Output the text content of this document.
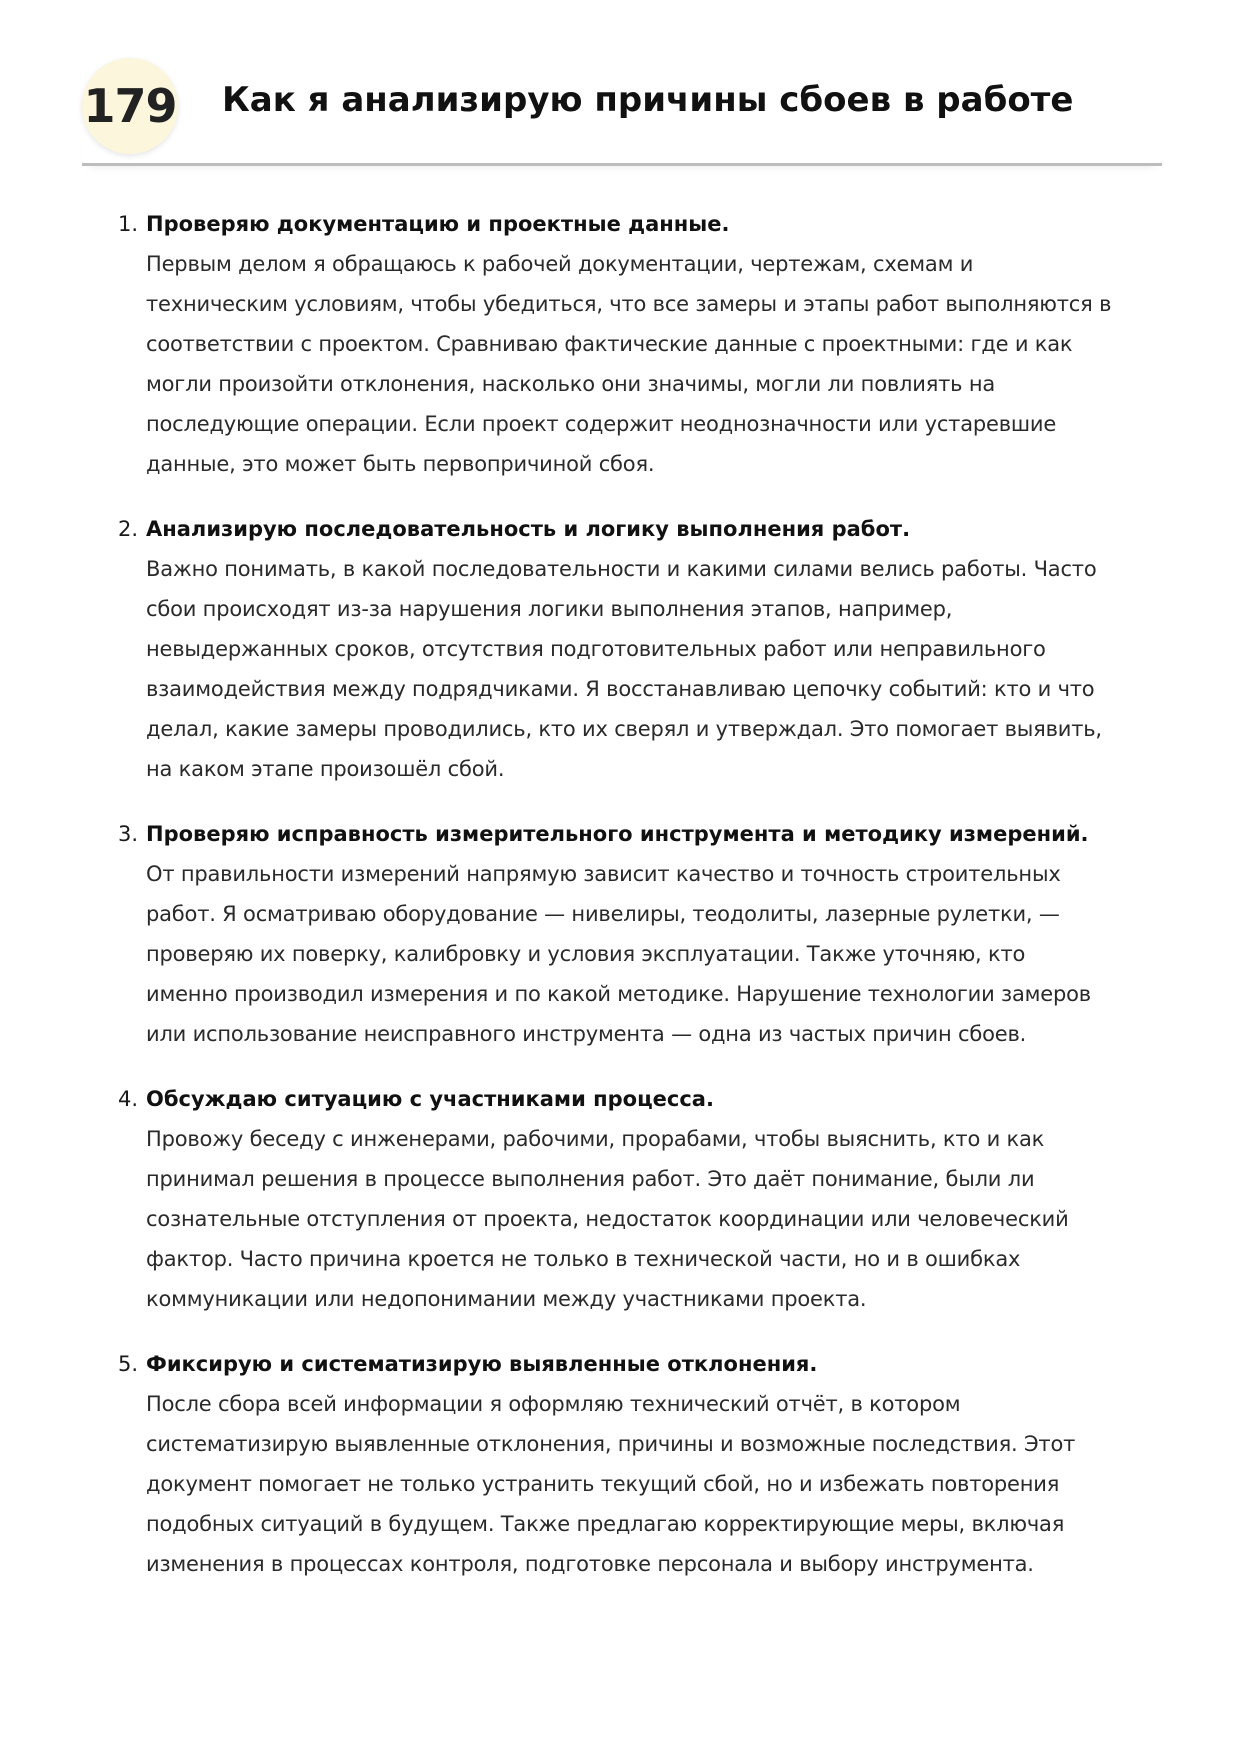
179 Как я анализирую причины сбоев в работе
1. Проверяю документацию и проектные данные.
Первым делом я обращаюсь к рабочей документации, чертежам, схемам и
техническим условиям, чтобы убедиться, что все замеры и этапы работ выполняются в
соответствии с проектом. Сравниваю фактические данные с проектными: где и как
могли произойти отклонения, насколько они значимы, могли ли повлиять на
последующие операции. Если проект содержит неоднозначности или устаревшие
данные, это может быть первопричиной сбоя.
2. Анализирую последовательность и логику выполнения работ.
Важно понимать, в какой последовательности и какими силами велись работы. Часто
сбои происходят из-за нарушения логики выполнения этапов, например,
невыдержанных сроков, отсутствия подготовительных работ или неправильного
взаимодействия между подрядчиками. Я восстанавливаю цепочку событий: кто и что
делал, какие замеры проводились, кто их сверял и утверждал. Это помогает выявить,
на каком этапе произошёл сбой.
3. Проверяю исправность измерительного инструмента и методику измерений.
От правильности измерений напрямую зависит качество и точность строительных
работ. Я осматриваю оборудование — нивелиры, теодолиты, лазерные рулетки, —
проверяю их поверку, калибровку и условия эксплуатации. Также уточняю, кто
именно производил измерения и по какой методике. Нарушение технологии замеров
или использование неисправного инструмента — одна из частых причин сбоев.
4. Обсуждаю ситуацию с участниками процесса.
Провожу беседу с инженерами, рабочими, прорабами, чтобы выяснить, кто и как
принимал решения в процессе выполнения работ. Это даёт понимание, были ли
сознательные отступления от проекта, недостаток координации или человеческий
фактор. Часто причина кроется не только в технической части, но и в ошибках
коммуникации или недопонимании между участниками проекта.
5. Фиксирую и систематизирую выявленные отклонения.
После сбора всей информации я оформляю технический отчёт, в котором
систематизирую выявленные отклонения, причины и возможные последствия. Этот
документ помогает не только устранить текущий сбой, но и избежать повторения
подобных ситуаций в будущем. Также предлагаю корректирующие меры, включая
изменения в процессах контроля, подготовке персонала и выбору инструмента.
